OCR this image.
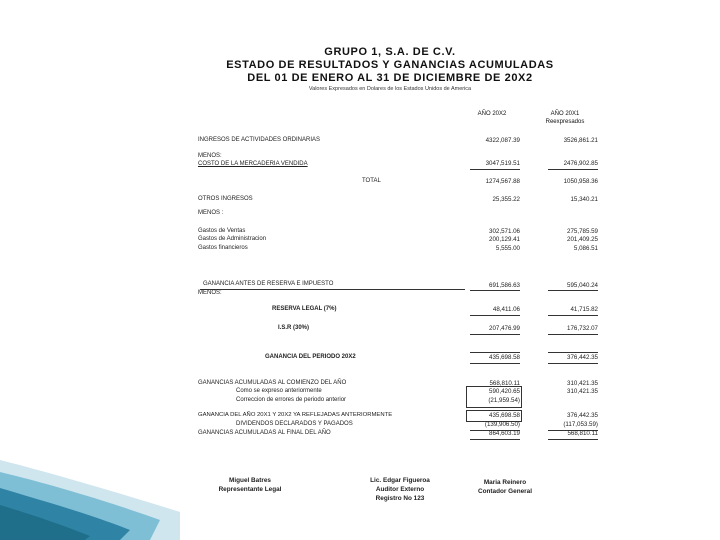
GRUPO 1, S.A. DE C.V.
ESTADO DE RESULTADOS Y GANANCIAS ACUMULADAS
DEL 01 DE ENERO AL 31 DE DICIEMBRE DE 20X2
Valores Expresados en Dolares de los Estados Unidos de America
AÑO 20X2	AÑO 20X1
Reexpresados
INGRESOS DE ACTIVIDADES ORDINARIAS	4322,087.39	3526,861.21
MENOS:
COSTO DE LA MERCADERIA VENDIDA	3047,519.51	2476,902.85
TOTAL	1274,567.88	1050,958.36
OTROS INGRESOS	25,355.22	15,340.21
MENOS :
Gastos de Ventas	302,571.06	275,785.59
Gastos de Administracion	200,129.41	201,409.25
Gastos financieros	5,555.00	5,086.51
GANANCIA ANTES DE RESERVA E IMPUESTO	691,586.63	595,040.24
MENOS:
RESERVA LEGAL (7%)	48,411.06	41,715.82
I.S.R (30%)	207,476.99	176,732.07
GANANCIA DEL PERIODO 20X2	435,698.58	376,442.35
GANANCIAS ACUMULADAS AL COMIENZO DEL AÑO	568,810.11	310,421.35
Como se expreso anteriormente	590,420.65	310,421.35
Correccion de errores de periodo anterior	(21,959.54)
GANANCIA DEL AÑO 20X1 Y 20X2 YA REFLEJADAS ANTERIORMENTE	435,698.58	376,442.35
DIVIDENDOS DECLARADOS Y PAGADOS	(139,906.50)	(117,053.59)
GANANCIAS ACUMULADAS AL FINAL DEL AÑO	864,603.19	568,810.11
Miguel Batres
Representante Legal
Lic. Edgar Figueroa
Auditor Externo
Registro No 123
Maria Reinero
Contador General
